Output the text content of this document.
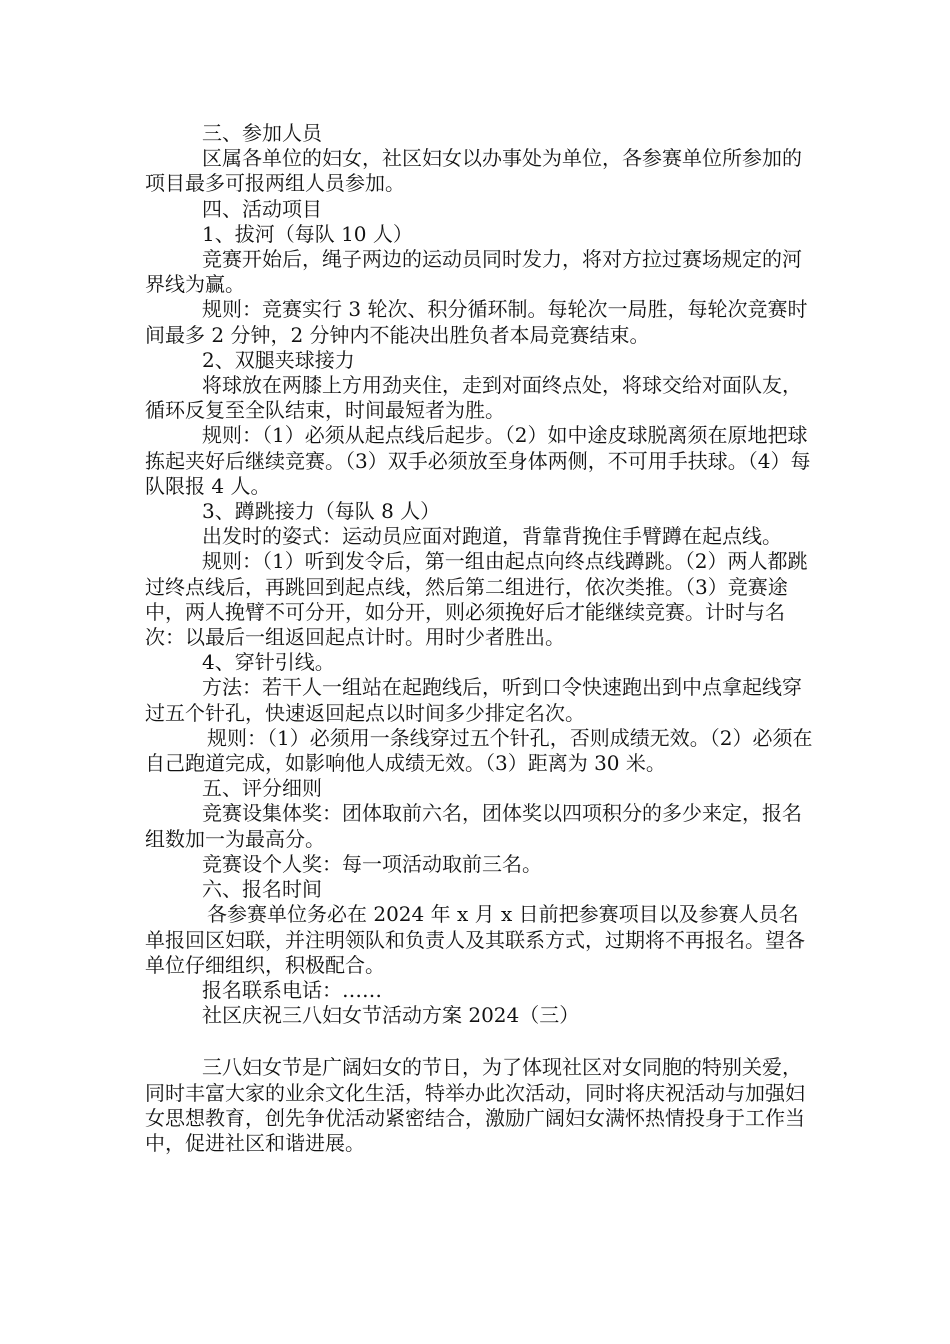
三、参加人员

区属各单位的妇女，社区妇女以办事处为单位，各参赛单位所参加的项目最多可报两组人员参加。

四、活动项目

1、拔河（每队 10 人）

竞赛开始后，绳子两边的运动员同时发力，将对方拉过赛场规定的河界线为赢。

规则：竞赛实行 3 轮次、积分循环制。每轮次一局胜，每轮次竞赛时间最多 2 分钟，2 分钟内不能决出胜负者本局竞赛结束。

2、双腿夹球接力

将球放在两膝上方用劲夹住，走到对面终点处，将球交给对面队友，循环反复至全队结束，时间最短者为胜。

规则：（1）必须从起点线后起步。（2）如中途皮球脱离须在原地把球拣起夹好后继续竞赛。（3）双手必须放至身体两侧，不可用手扶球。（4）每队限报 4 人。

3、蹲跳接力（每队 8 人）

出发时的姿式：运动员应面对跑道，背靠背挽住手臂蹲在起点线。

规则：（1）听到发令后，第一组由起点向终点线蹲跳。（2）两人都跳过终点线后，再跳回到起点线，然后第二组进行，依次类推。（3）竞赛途中，两人挽臂不可分开，如分开，则必须挽好后才能继续竞赛。计时与名次：以最后一组返回起点计时。用时少者胜出。

4、穿针引线。

方法：若干人一组站在起跑线后，听到口令快速跑出到中点拿起线穿过五个针孔，快速返回起点以时间多少排定名次。

规则：（1）必须用一条线穿过五个针孔，否则成绩无效。（2）必须在自己跑道完成，如影响他人成绩无效。（3）距离为 30 米。

五、评分细则

竞赛设集体奖：团体取前六名，团体奖以四项积分的多少来定，报名组数加一为最高分。

竞赛设个人奖：每一项活动取前三名。

六、报名时间

各参赛单位务必在 2024 年 x 月 x 日前把参赛项目以及参赛人员名单报回区妇联，并注明领队和负责人及其联系方式，过期将不再报名。望各单位仔细组织，积极配合。

报名联系电话：……

社区庆祝三八妇女节活动方案 2024（三）

三八妇女节是广阔妇女的节日，为了体现社区对女同胞的特别关爱，同时丰富大家的业余文化生活，特举办此次活动，同时将庆祝活动与加强妇女思想教育，创先争优活动紧密结合，激励广阔妇女满怀热情投身于工作当中，促进社区和谐进展。
